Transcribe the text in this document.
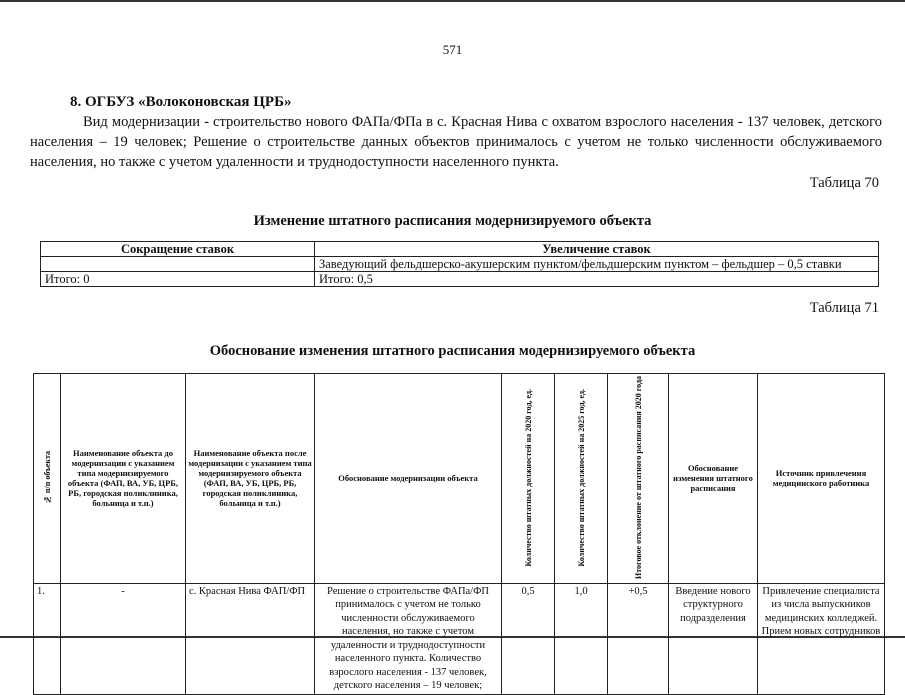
571
8. ОГБУЗ «Волоконовская ЦРБ»
Вид модернизации - строительство нового ФАПа/ФПа в с. Красная Нива с охватом взрослого населения - 137 человек, детского населения – 19 человек; Решение о строительстве данных объектов принималось с учетом не только численности обслуживаемого населения, но также с учетом удаленности и труднодоступности населенного пункта.
Таблица 70
Изменение штатного расписания модернизируемого объекта
Сокращение ставок	Увеличение ставок
	Заведующий фельдшерско-акушерским пунктом/фельдшерским пунктом – фельдшер – 0,5 ставки
Итого: 0	Итого: 0,5
Таблица 71
Обоснование изменения штатного расписания модернизируемого объекта
№ п/п объекта	Наименование объекта до модернизации с указанием типа модернизируемого объекта (ФАП, ВА, УБ, ЦРБ, РБ, городская поликлиника, больница и т.п.)	Наименование объекта после модернизации с указанием типа модернизируемого объекта (ФАП, ВА, УБ, ЦРБ, РБ, городская поликлиника, больница и т.п.)	Обоснование модернизации объекта	Количество штатных должностей на 2020 год, ед.	Количество штатных должностей на 2025 год, ед.	Итоговое отклонение от штатного расписания 2020 года	Обоснование изменения штатного расписания	Источник привлечения медицинского работника
1.	-	с. Красная Нива ФАП/ФП	Решение о строительстве ФАПа/ФП принималось с учетом не только численности обслуживаемого населения, но также с учетом удаленности и труднодоступности населенного пункта. Количество взрослого населения - 137 человек, детского населения – 19 человек;	0,5	1,0	+0,5	Введение нового структурного подразделения	Привлечение специалиста из числа выпускников медицинских колледжей. Прием новых сотрудников
